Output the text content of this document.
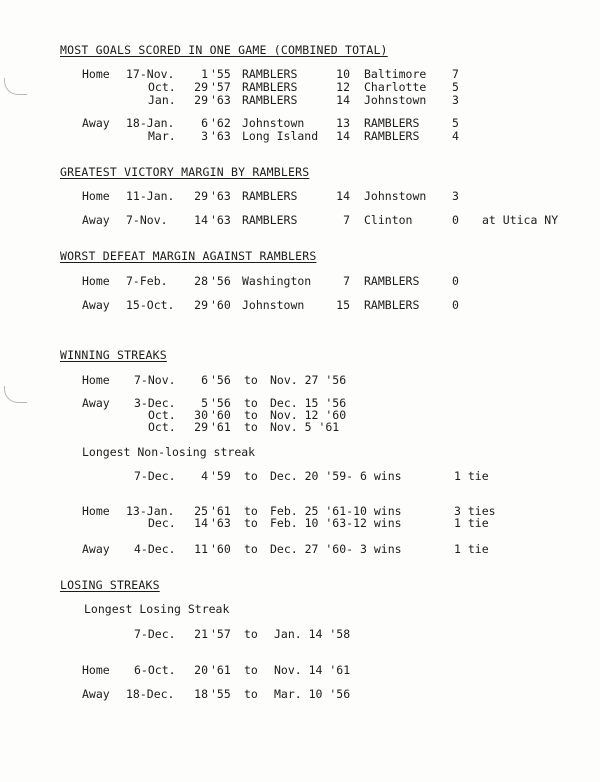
MOST GOALS SCORED IN ONE GAME (COMBINED TOTAL)
Home 17-Nov.	1 '55 RAMBLERS	10 Baltimore 7
Oct.	29 '57 RAMBLERS	12 Charlotte 5
Jan.	29 '63 RAMBLERS	14 Johnstown 3
Away 18-Jan.	6 '62 Johnstown	13 RAMBLERS	5
Mar.	3 '63 Long Island	14 RAMBLERS	4
GREATEST VICTORY MARGIN BY RAMBLERS
Home 11-Jan.	29 '63 RAMBLERS	14 Johnstown 3
Away 7-Nov.	14 '63 RAMBLERS	7 Clinton	0 at Utica NY
WORST DEFEAT MARGIN AGAINST RAMBLERS
Home 7-Feb.	28 '56 Washington	7 RAMBLERS	0
Away 15-Oct.	29 '60 Johnstown	15 RAMBLERS	0
WINNING STREAKS
Home 7-Nov.	6 '56 to Nov. 27 '56
Away 3-Dec.	5 '56 to Dec. 15 '56
Oct.	30 '60 to Nov. 12 '60
Oct.	29 '61 to Nov. 5 '61
Longest Non-losing streak
7-Dec.	4 '59 to Dec. 20 '59- 6 wins	1 tie
Home 13-Jan.	25 '61 to Feb. 25 '61-10 wins	3 ties
Dec.	14 '63 to Feb. 10 '63-12 wins	1 tie
Away 4-Dec.	11 '60 to Dec. 27 '60- 3 wins	1 tie
LOSING STREAKS
Longest Losing Streak
7-Dec.	21 '57 to Jan. 14 '58
Home 6-Oct.	20 '61 to Nov. 14 '61
Away 18-Dec.	18 '55 to Mar. 10 '56
